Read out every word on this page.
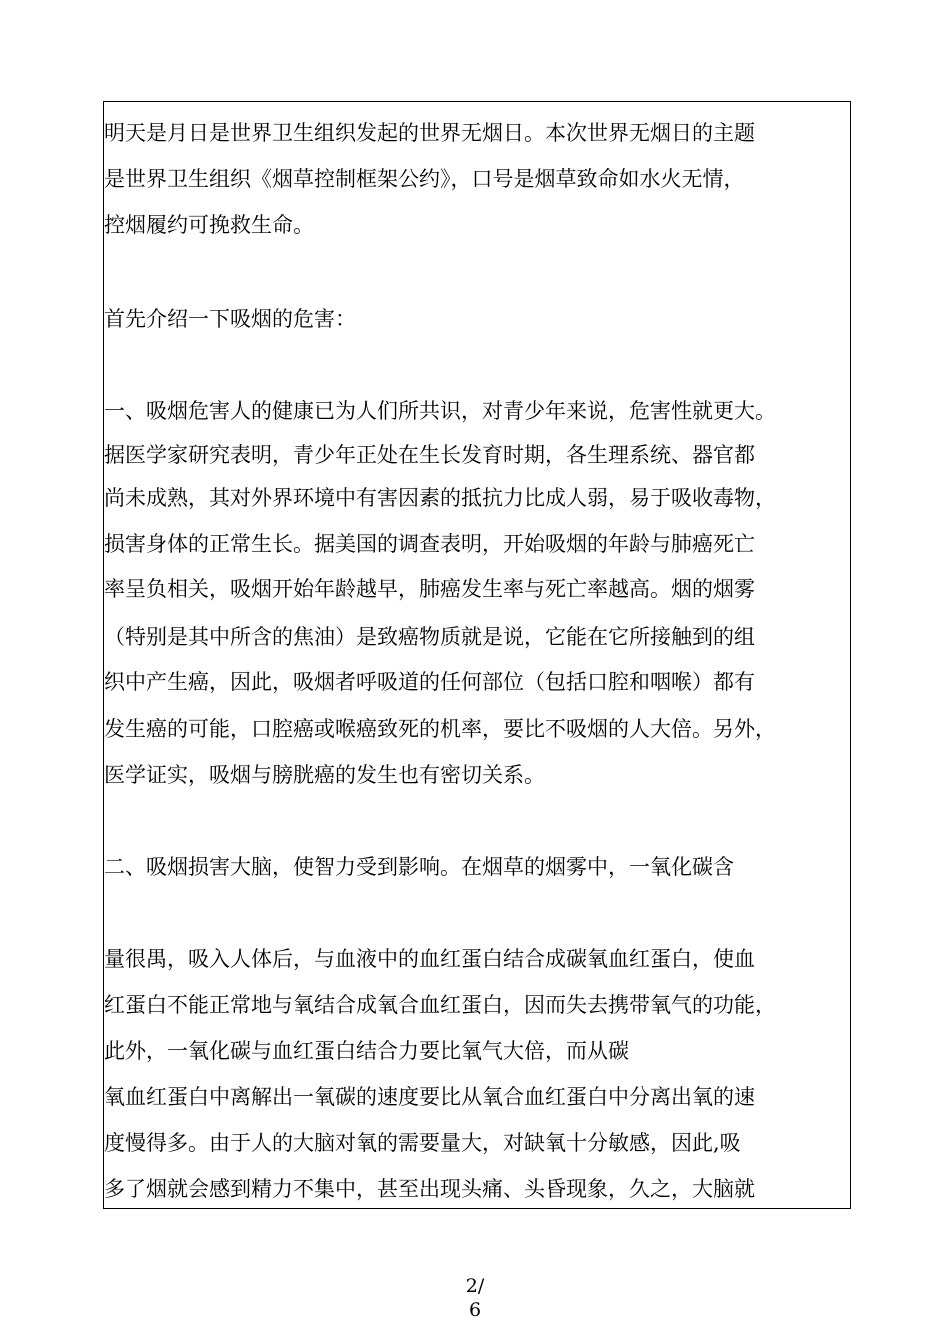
明天是月日是世界卫生组织发起的世界无烟日。本次世界无烟日的主题
是世界卫生组织《烟草控制框架公约》，口号是烟草致命如水火无情，
控烟履约可挽救生命。
首先介绍一下吸烟的危害：
一、吸烟危害人的健康已为人们所共识，对青少年来说，危害性就更大。
据医学家研究表明，青少年正处在生长发育时期，各生理系统、器官都
尚未成熟，其对外界环境中有害因素的抵抗力比成人弱，易于吸收毒物，
损害身体的正常生长。据美国的调查表明，开始吸烟的年龄与肺癌死亡
率呈负相关，吸烟开始年龄越早，肺癌发生率与死亡率越高。烟的烟雾
（特别是其中所含的焦油）是致癌物质就是说，它能在它所接触到的组
织中产生癌，因此，吸烟者呼吸道的任何部位（包括口腔和咽喉）都有
发生癌的可能，口腔癌或喉癌致死的机率，要比不吸烟的人大倍。另外，
医学证实，吸烟与膀胱癌的发生也有密切关系。
二、吸烟损害大脑，使智力受到影响。在烟草的烟雾中，一氧化碳含
量很禺，吸入人体后，与血液中的血红蛋白结合成碳氧血红蛋白，使血
红蛋白不能正常地与氧结合成氧合血红蛋白，因而失去携带氧气的功能，
此外，一氧化碳与血红蛋白结合力要比氧气大倍，而从碳
氧血红蛋白中离解出一氧碳的速度要比从氧合血红蛋白中分离出氧的速
度慢得多。由于人的大脑对氧的需要量大，对缺氧十分敏感，因此,吸
多了烟就会感到精力不集中，甚至出现头痛、头昏现象，久之，大脑就
2/
6
